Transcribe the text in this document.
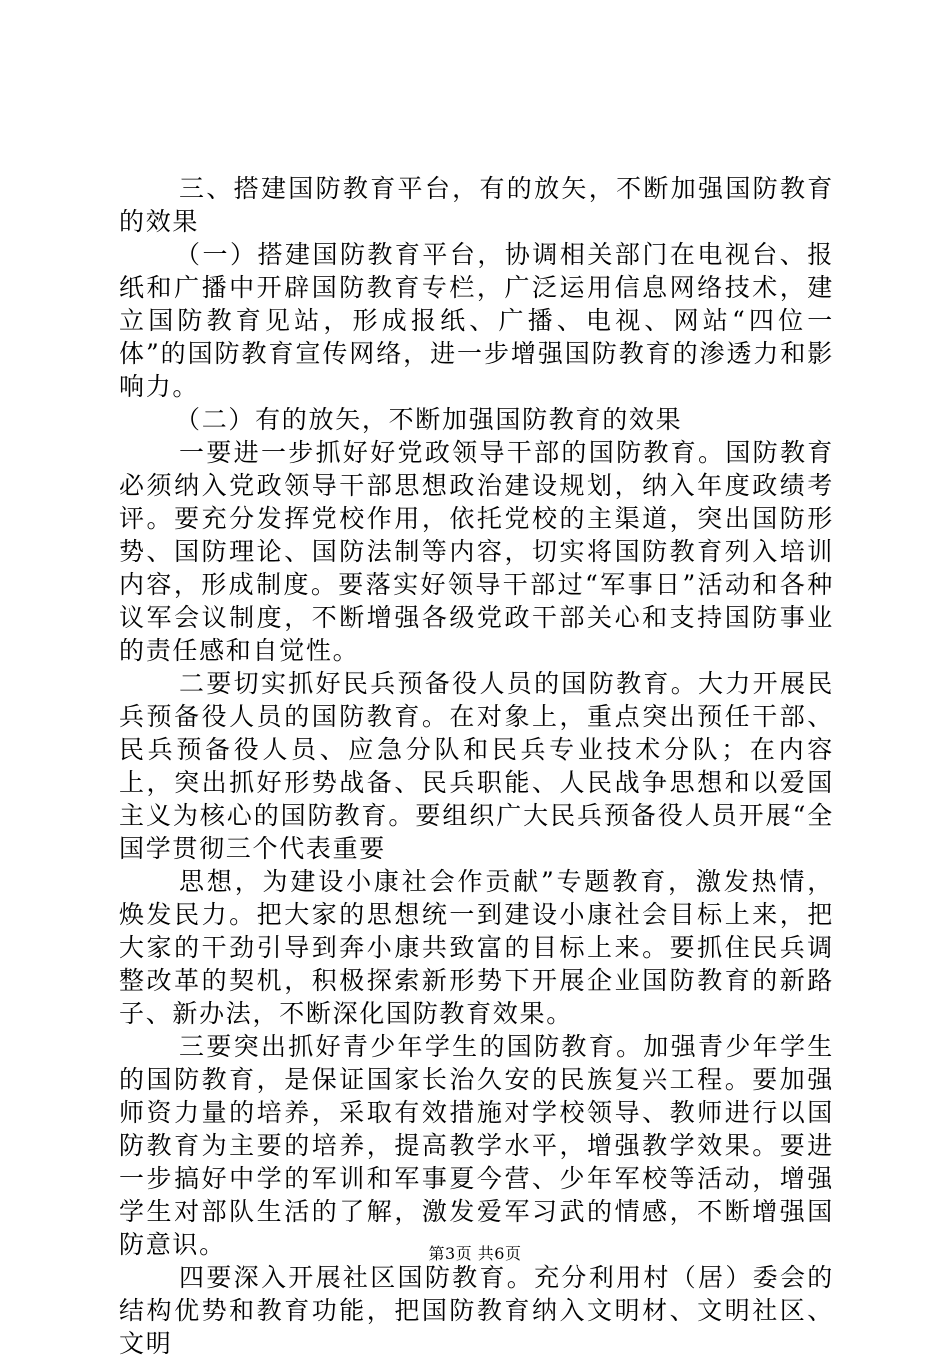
三、搭建国防教育平台，有的放矢，不断加强国防教育的效果

（一）搭建国防教育平台，协调相关部门在电视台、报纸和广播中开辟国防教育专栏，广泛运用信息网络技术，建立国防教育见站，形成报纸、广播、电视、网站“四位一体”的国防教育宣传网络，进一步增强国防教育的渗透力和影响力。

（二）有的放矢，不断加强国防教育的效果

一要进一步抓好好党政领导干部的国防教育。国防教育必须纳入党政领导干部思想政治建设规划，纳入年度政绩考评。要充分发挥党校作用，依托党校的主渠道，突出国防形势、国防理论、国防法制等内容，切实将国防教育列入培训内容，形成制度。要落实好领导干部过“军事日”活动和各种议军会议制度，不断增强各级党政干部关心和支持国防事业的责任感和自觉性。

二要切实抓好民兵预备役人员的国防教育。大力开展民兵预备役人员的国防教育。在对象上，重点突出预任干部、民兵预备役人员、应急分队和民兵专业技术分队；在内容上，突出抓好形势战备、民兵职能、人民战争思想和以爱国主义为核心的国防教育。要组织广大民兵预备役人员开展“全国学贯彻三个代表重要

思想，为建设小康社会作贡献”专题教育，激发热情，焕发民力。把大家的思想统一到建设小康社会目标上来，把大家的干劲引导到奔小康共致富的目标上来。要抓住民兵调整改革的契机，积极探索新形势下开展企业国防教育的新路子、新办法，不断深化国防教育效果。

三要突出抓好青少年学生的国防教育。加强青少年学生的国防教育，是保证国家长治久安的民族复兴工程。要加强师资力量的培养，采取有效措施对学校领导、教师进行以国防教育为主要的培养，提高教学水平，增强教学效果。要进一步搞好中学的军训和军事夏今营、少年军校等活动，增强学生对部队生活的了解，激发爱军习武的情感，不断增强国防意识。

四要深入开展社区国防教育。充分利用村（居）委会的结构优势和教育功能，把国防教育纳入文明材、文明社区、文明

第3页 共6页
